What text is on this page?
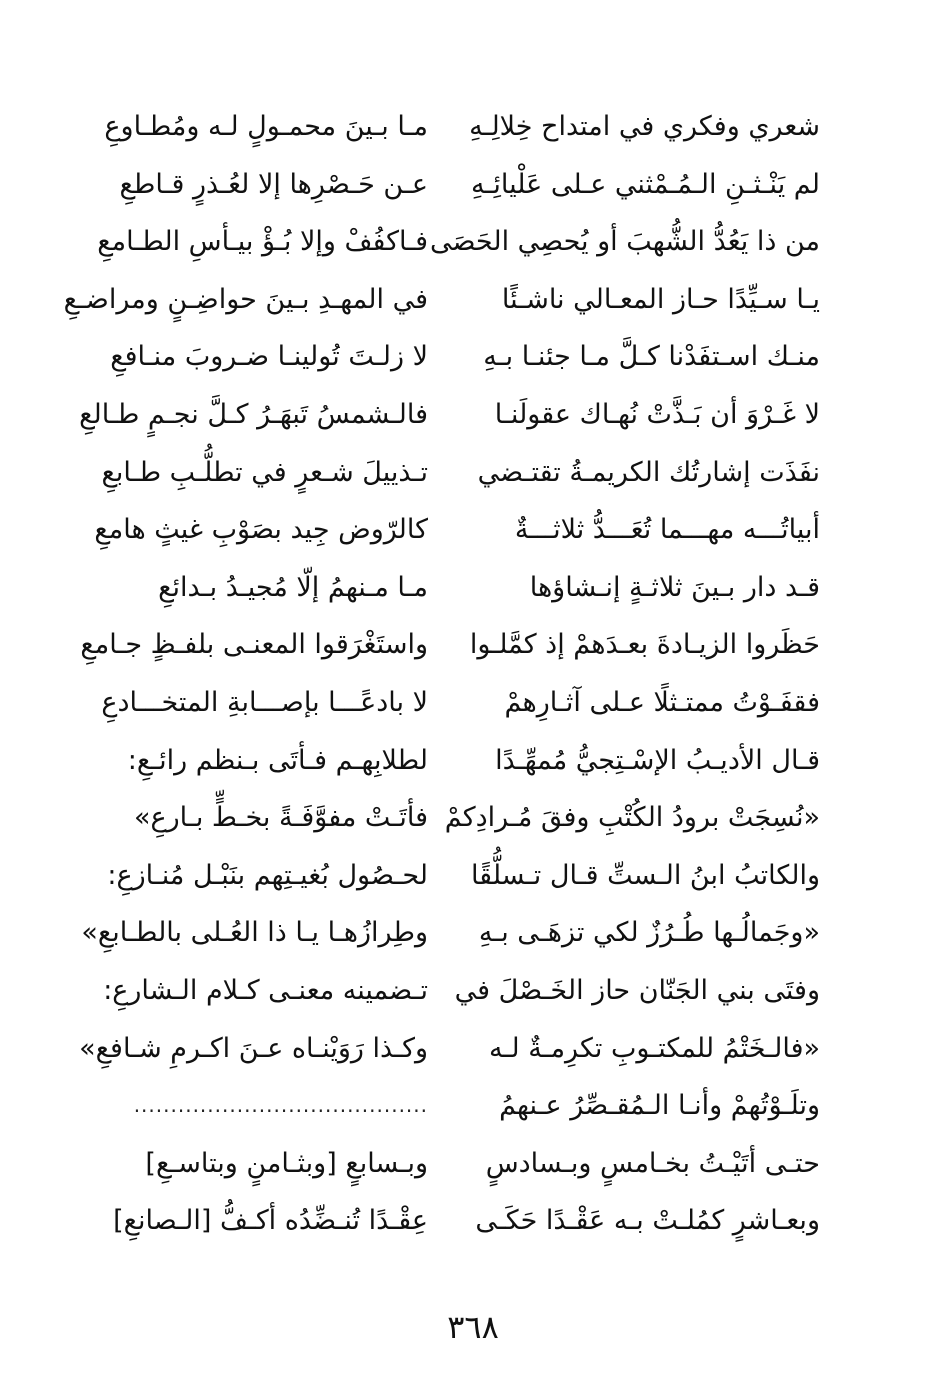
شعري وفكري في امتداح خِلالِـهِ
لم يَنْـثـنِ الـمُـمْثني عـلى عَلْيائِـهِ
من ذا يَعُدُّ الشُّهبَ أو يُحصِي الحَصَى
يـا سـيِّدًا حـاز المعـالي ناشـئًا
منـك اسـتفَدْنا كـلَّ مـا جئنـا بـهِ
لا غَـرْوَ أن بَـذَّتْ نُهـاك عقولَنـا
نفَذَت إشارتُك الكريمـةُ تقتـضي
أبياتُـــه مهـــما تُعَـــدُّ ثلاثـــةٌ
قـد دار بـينَ ثلاثـةٍ إنـشاؤها
حَظَروا الزيـادةَ بعـدَهمْ إذ كمَّلـوا
فقفَـوْتُ ممتـثلًا عـلى آثـارِهمْ
قـال الأديـبُ الإسْـتِجيُّ مُمهِّـدًا
«نُسِجَتْ برودُ الكُتْبِ وفقَ مُـرادِكمْ
والكاتبُ ابنُ الـستِّ قـال تـسلُّقًا
«وجَمالُـها طُـرُزٌ لكي تزهَـى بـهِ
وفتَى بني الجَنّان حاز الخَـصْلَ في
«فالـخَتْمُ للمكتـوبِ تكرِمـةٌ لـه
وتلَـوْتُهمْ وأنـا الـمُقـصِّرُ عـنهمُ
حتـى أتَيْـتُ بخـامسٍ وبـسادسٍ
وبعـاشرٍ كمُلـتْ بـه عَقْـدًا حَكَـى
مـا بـينَ محمـولٍ لـه ومُطـاوعِ
عـن حَـصْرِها إلا لعُـذرٍ قـاطعِ
فـاكفُفْ وإلا بُـؤْ بيـأسِ الطـامعِ
في المهـدِ بـينَ حواضِـنٍ ومراضـعِ
لا زلـتَ تُولينـا ضـروبَ منـافعِ
فالـشمسُ تَبهَـرُ كـلَّ نجـمٍ طـالعِ
تـذييلَ شـعرٍ في تطلُّـبِ طـابعِ
كالرّوض جِيد بصَوْبِ غيثٍ هامعِ
مـا مـنهمُ إلّا مُجيـدُ بـدائعِ
واستَغْرَقوا المعنـى بلفـظٍ جـامعِ
لا بادعًـــا بإصـــابةِ المتخـــادعِ
لطلابِهـم فـأتَى بـنظم رائـعِ:
فأتَـتْ مفوَّفَـةً بخـطٍّ بـارعِ»
لحـصُول بُغيـتِهم بنَبْـل مُنـازعِ:
وطِرازُهـا يـا ذا العُـلى بالطـابعِ»
تـضمينه معنـى كـلام الـشارعِ:
وكـذا رَوَيْنـاه عـنَ اكـرمِ شـافعِ»
........................................
وبـسابعٍ [وبثـامنٍ وبتاسـعِ]
عِقْـدًا تُنـضِّدُه أكـفُّ [الـصانعِ]
٣٦٨
